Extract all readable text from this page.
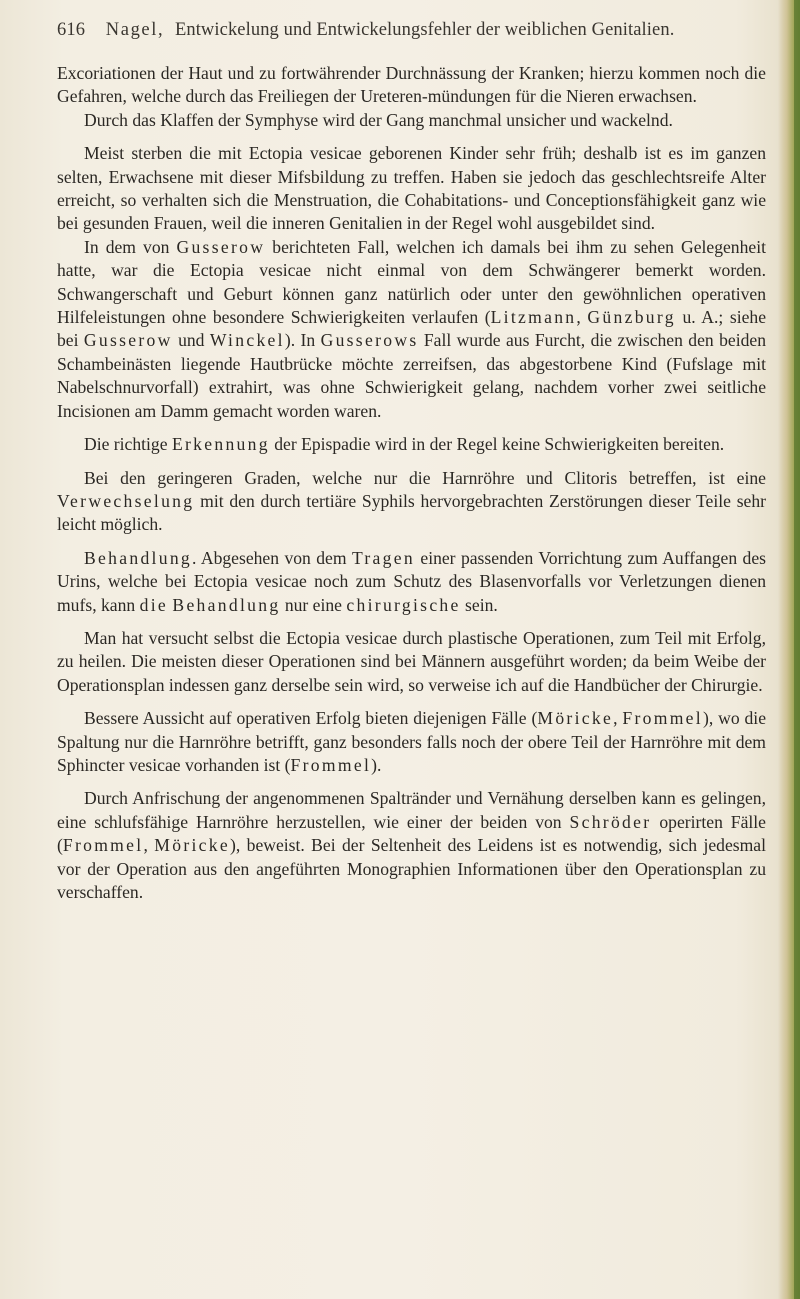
616 Nagel, Entwickelung und Entwickelungsfehler der weiblichen Genitalien.

Excoriationen der Haut und zu fortwährender Durchnässung der Kranken; hierzu kommen noch die Gefahren, welche durch das Freiliegen der Ureteren-mündungen für die Nieren erwachsen.

Durch das Klaffen der Symphyse wird der Gang manchmal unsicher und wackelnd.

Meist sterben die mit Ectopia vesicae geborenen Kinder sehr früh; deshalb ist es im ganzen selten, Erwachsene mit dieser Mifsbildung zu treffen. Haben sie jedoch das geschlechtsreife Alter erreicht, so verhalten sich die Menstruation, die Cohabitations- und Conceptionsfähigkeit ganz wie bei gesunden Frauen, weil die inneren Genitalien in der Regel wohl ausgebildet sind.

In dem von Gusserow berichteten Fall, welchen ich damals bei ihm zu sehen Gelegenheit hatte, war die Ectopia vesicae nicht einmal von dem Schwängerer bemerkt worden. Schwangerschaft und Geburt können ganz natürlich oder unter den gewöhnlichen operativen Hilfeleistungen ohne besondere Schwierigkeiten verlaufen (Litzmann, Günzburg u. A.; siehe bei Gusserow und Winckel). In Gusserows Fall wurde aus Furcht, die zwischen den beiden Schambeinästen liegende Hautbrücke möchte zerreifsen, das abgestorbene Kind (Fufslage mit Nabelschnurvorfall) extrahirt, was ohne Schwierigkeit gelang, nachdem vorher zwei seitliche Incisionen am Damm gemacht worden waren.

Die richtige Erkennung der Epispadie wird in der Regel keine Schwierigkeiten bereiten.

Bei den geringeren Graden, welche nur die Harnröhre und Clitoris betreffen, ist eine Verwechselung mit den durch tertiäre Syphils hervorgebrachten Zerstörungen dieser Teile sehr leicht möglich.

Behandlung. Abgesehen von dem Tragen einer passenden Vorrichtung zum Auffangen des Urins, welche bei Ectopia vesicae noch zum Schutz des Blasenvorfalls vor Verletzungen dienen mufs, kann die Behandlung nur eine chirurgische sein.

Man hat versucht selbst die Ectopia vesicae durch plastische Operationen, zum Teil mit Erfolg, zu heilen. Die meisten dieser Operationen sind bei Männern ausgeführt worden; da beim Weibe der Operationsplan indessen ganz derselbe sein wird, so verweise ich auf die Handbücher der Chirurgie.

Bessere Aussicht auf operativen Erfolg bieten diejenigen Fälle (Möricke, Frommel), wo die Spaltung nur die Harnröhre betrifft, ganz besonders falls noch der obere Teil der Harnröhre mit dem Sphincter vesicae vorhanden ist (Frommel).

Durch Anfrischung der angenommenen Spaltränder und Vernähung derselben kann es gelingen, eine schlufsfähige Harnröhre herzustellen, wie einer der beiden von Schröder operirten Fälle (Frommel, Möricke), beweist. Bei der Seltenheit des Leidens ist es notwendig, sich jedesmal vor der Operation aus den angeführten Monographien Informationen über den Operationsplan zu verschaffen.
